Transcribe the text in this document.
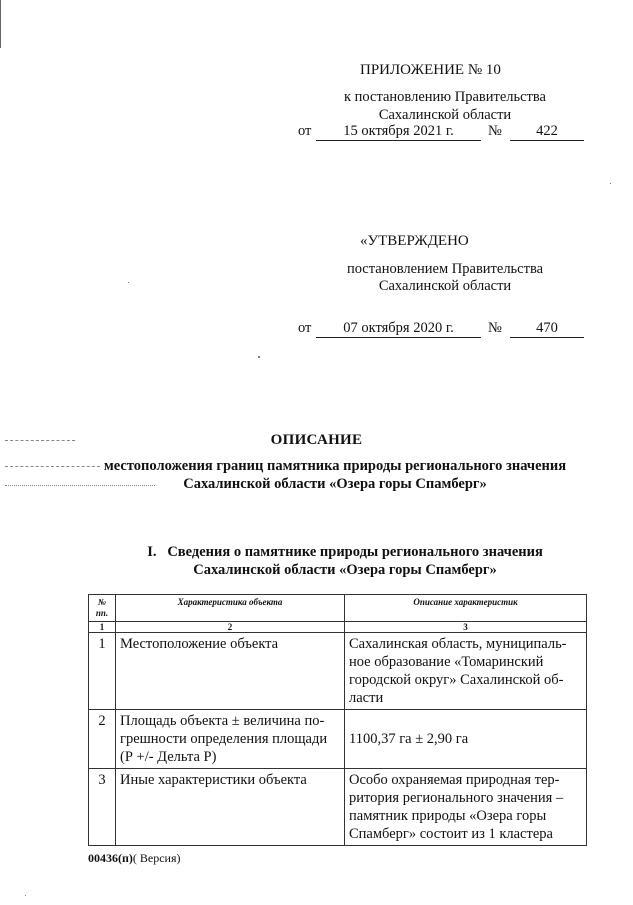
ПРИЛОЖЕНИЕ № 10
к постановлению Правительства
Сахалинской области
от	15 октября 2021 г.	№	422
«УТВЕРЖДЕНО
постановлением Правительства
Сахалинской области
от	07 октября 2020 г.	№	470
ОПИСАНИЕ
местоположения границ памятника природы регионального значения
Сахалинской области «Озера горы Спамберг»
I.   Сведения о памятнике природы регионального значения
Сахалинской области «Озера горы Спамберг»
№ пп.	Характеристика объекта	Описание характеристик
1	2	3
1	Местоположение объекта	Сахалинская область, муниципаль-ное образование «Томаринский городской округ» Сахалинской об-ласти
2	Площадь объекта ± величина по-грешности определения площади (Р +/- Дельта Р)	1100,37 га ± 2,90 га
3	Иные характеристики объекта	Особо охраняемая природная тер-ритория регионального значения – памятник природы «Озера горы Спамберг» состоит из 1 кластера
00436(п)( Версия)
